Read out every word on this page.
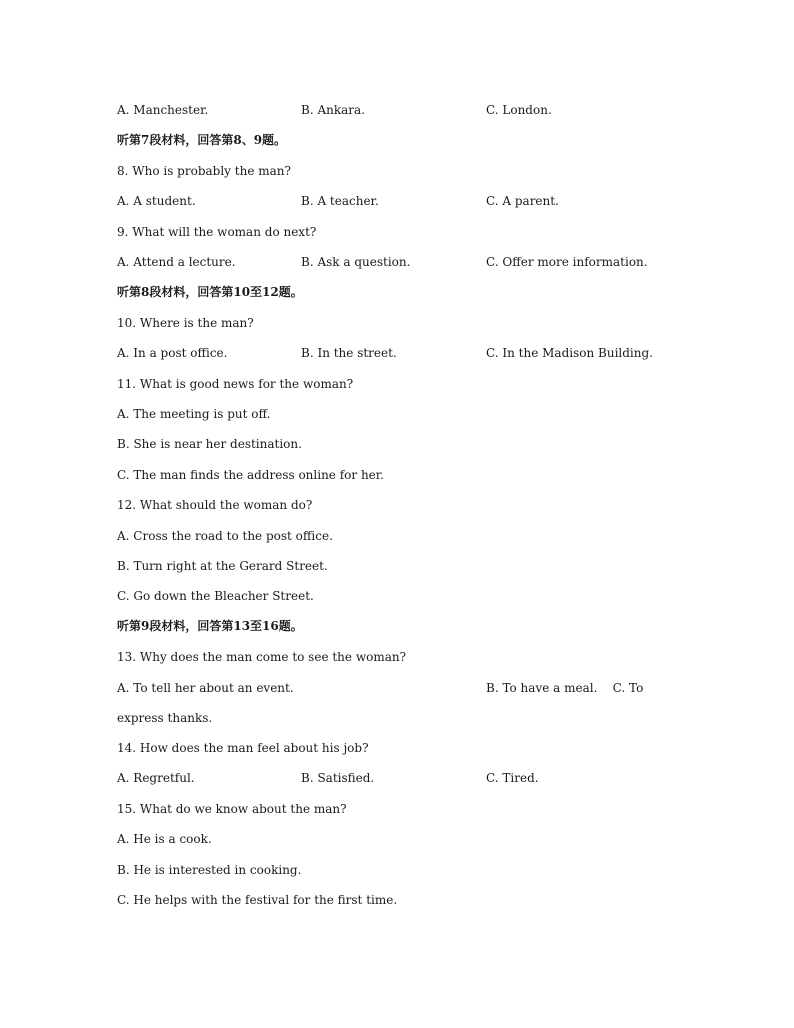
A. Manchester.	B. Ankara.	C. London.
听第7段材料，回答第8、9题。
8. Who is probably the man?
A. A student.	B. A teacher.	C. A parent.
9. What will the woman do next?
A. Attend a lecture.	B. Ask a question.	C. Offer more information.
听第8段材料，回答第10至12题。
10. Where is the man?
A. In a post office.	B. In the street.	C. In the Madison Building.
11. What is good news for the woman?
A. The meeting is put off.
B. She is near her destination.
C. The man finds the address online for her.
12. What should the woman do?
A. Cross the road to the post office.
B. Turn right at the Gerard Street.
C. Go down the Bleacher Street.
听第9段材料，回答第13至16题。
13. Why does the man come to see the woman?
A. To tell her about an event.	B. To have a meal.    C. To
express thanks.
14. How does the man feel about his job?
A. Regretful.	B. Satisfied.	C. Tired.
15. What do we know about the man?
A. He is a cook.
B. He is interested in cooking.
C. He helps with the festival for the first time.
